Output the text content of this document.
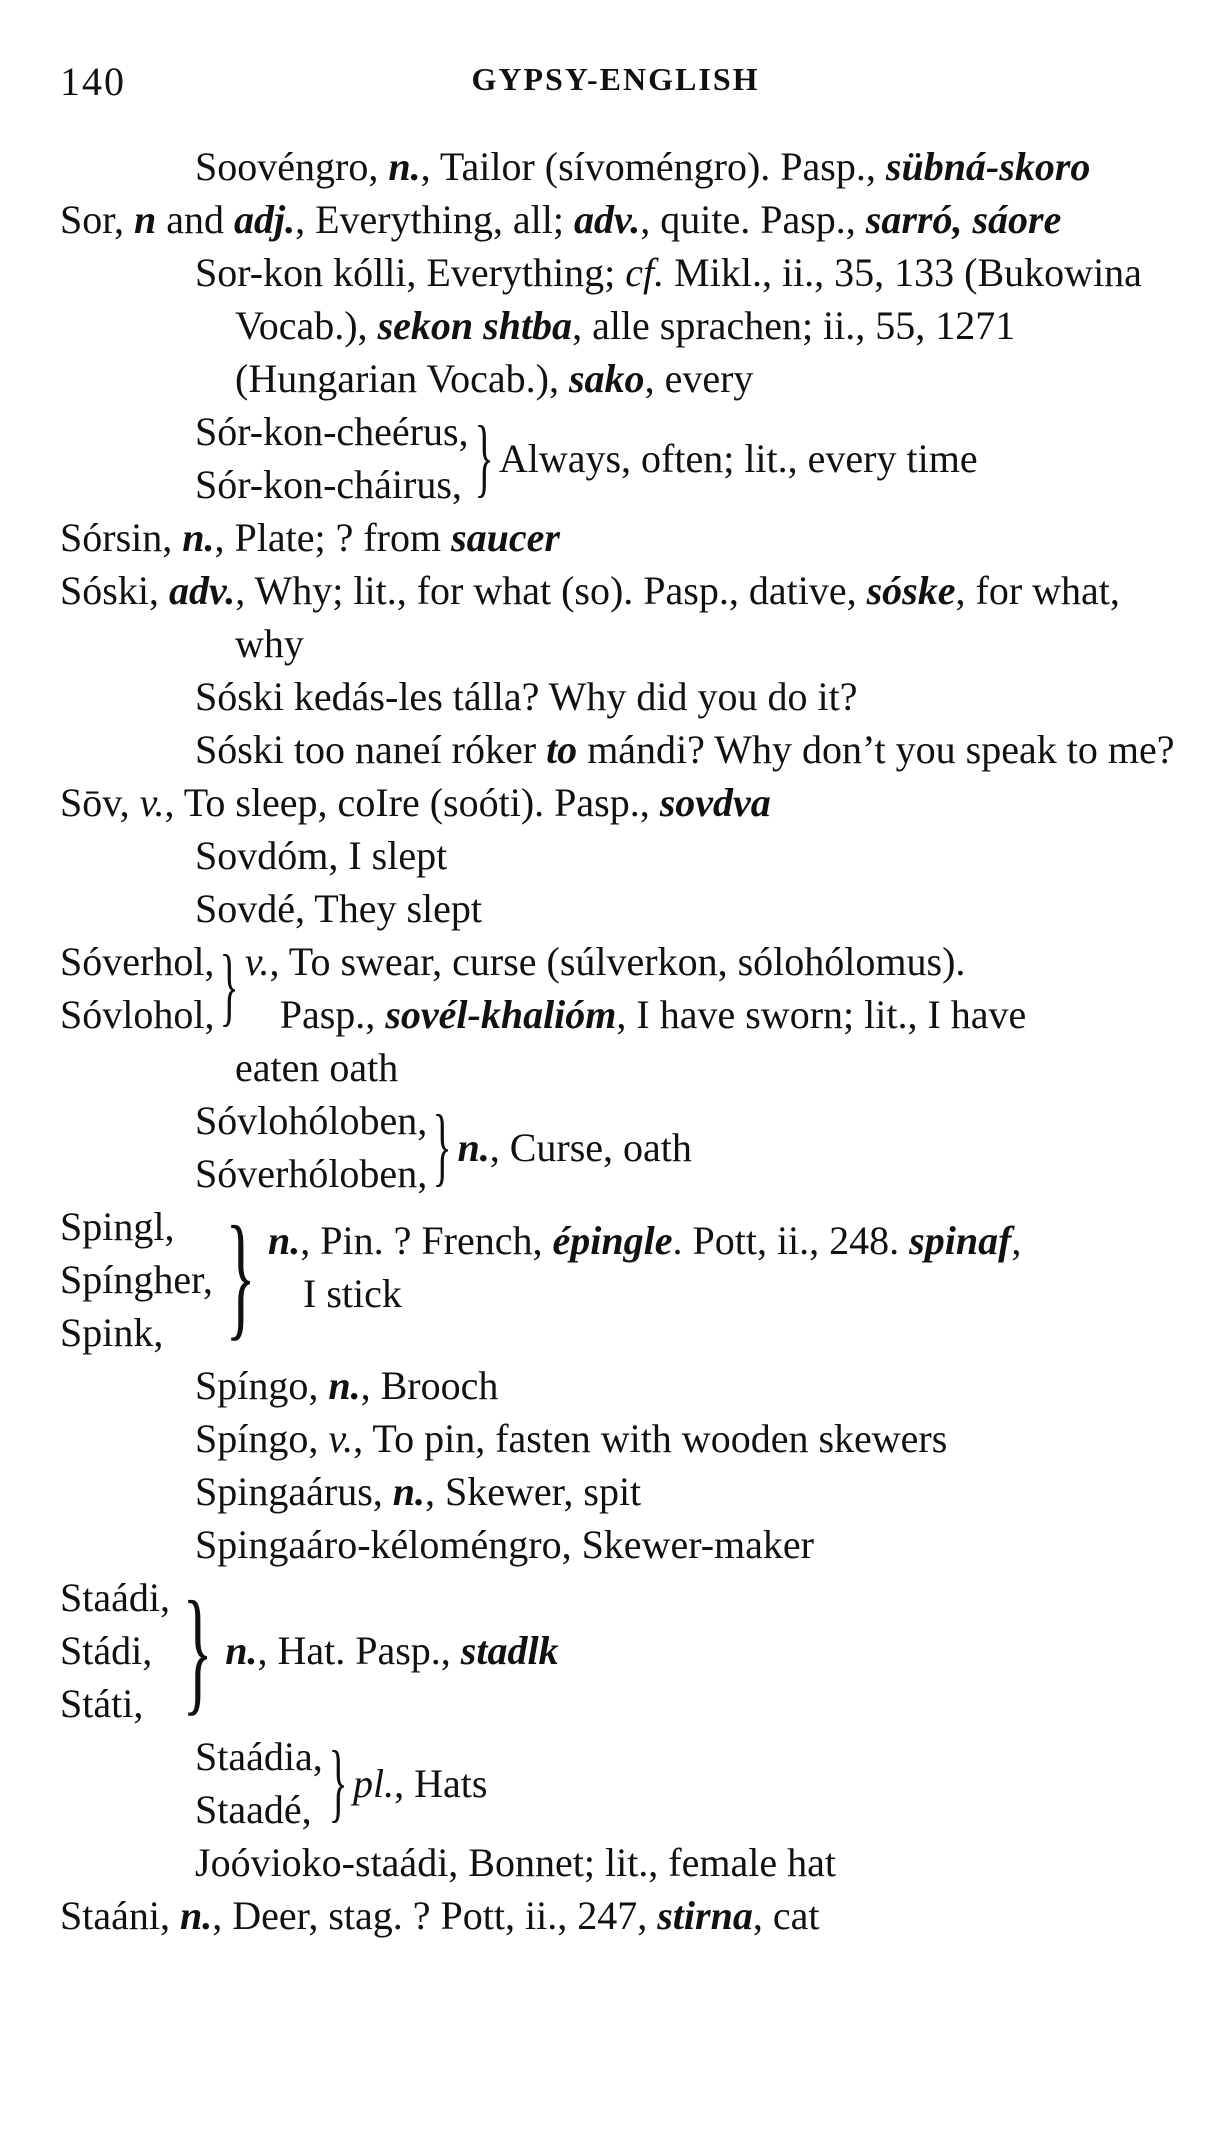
140	GYPSY-ENGLISH
Soovéngro, n., Tailor (sívoméngro). Pasp., sübná-skoro
Sor, n and adj., Everything, all; adv., quite. Pasp., sarró, sáore
Sor-kon kólli, Everything; cf. Mikl., ii., 35, 133 (Bukowina Vocab.), sekon shtba, alle sprachen; ii., 55, 1271 (Hungarian Vocab.), sako, every
Sór-kon-cheérus,
Sór-kon-cháirus, } Always, often; lit., every time
Sórsin, n., Plate; ? from saucer
Sóski, adv., Why; lit., for what (so). Pasp., dative, sóske, for what, why
Sóski kedás-les tálla? Why did you do it?
Sóski too naneí róker to mándi? Why don’t you speak to me?
Sōv, v., To sleep, coIre (soóti). Pasp., sovdva
Sovdóm, I slept
Sovdé, They slept
Sóverhol,
Sóvlohol, } v., To swear, curse (súlverkon, sólohólomus).
Pasp., sovél-khalióm, I have sworn; lit., I have
eaten oath
Sóvlohóloben,
Sóverhóloben, } n., Curse, oath
Spingl,
Spíngher,
Spink, } n., Pin. ? French, épingle. Pott, ii., 248. spinaf,
I stick
Spíngo, n., Brooch
Spíngo, v., To pin, fasten with wooden skewers
Spingaárus, n., Skewer, spit
Spingaáro-kéloméngro, Skewer-maker
Staádi,
Stádi,
Státi, } n., Hat. Pasp., stadlk
Staádia,
Staadé, } pl., Hats
Joóvioko-staádi, Bonnet; lit., female hat
Staáni, n., Deer, stag. ? Pott, ii., 247, stirna, cat
